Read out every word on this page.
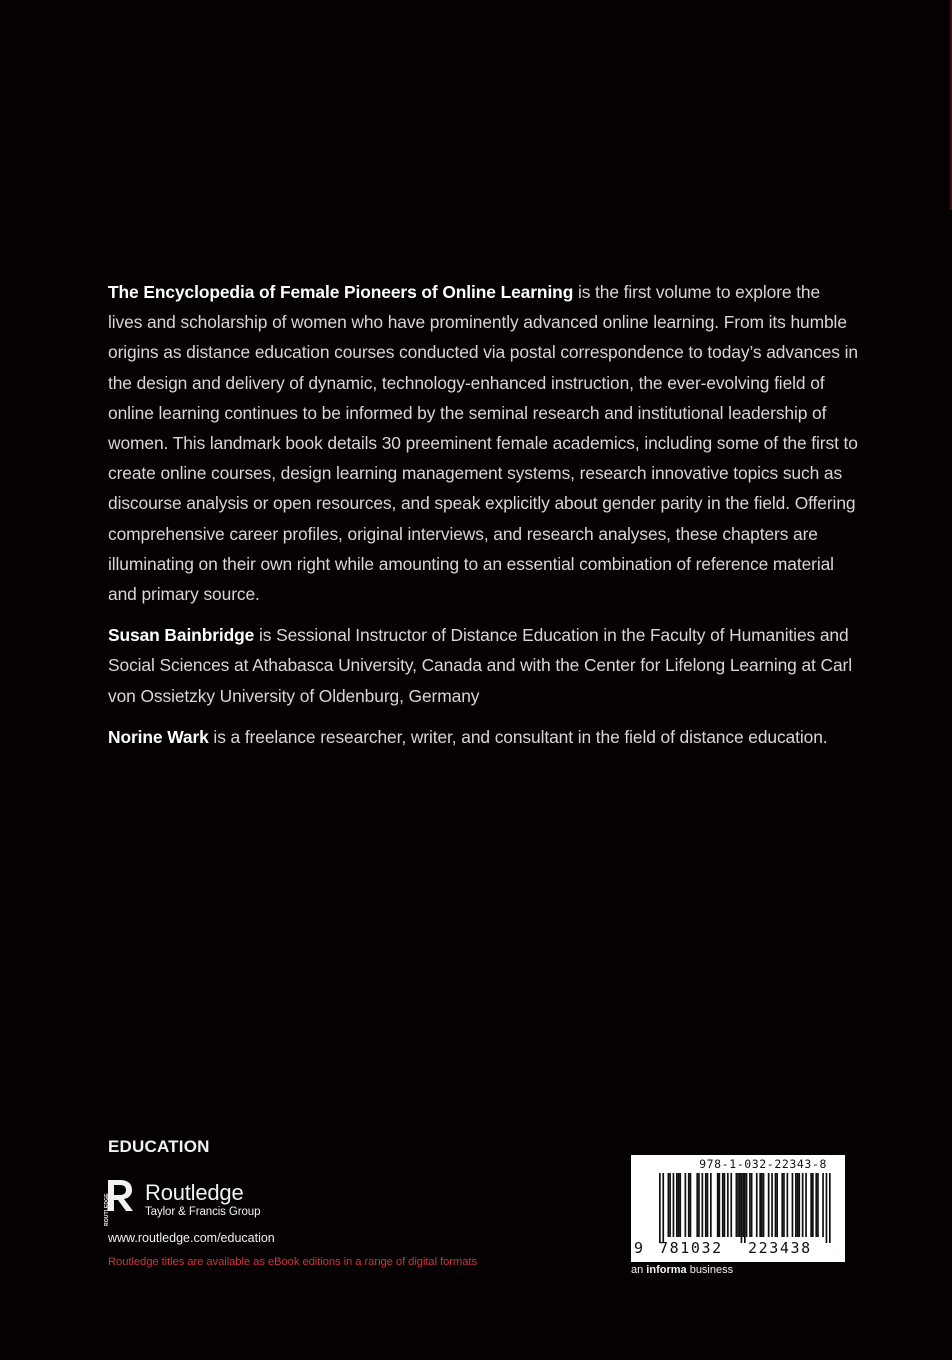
The Encyclopedia of Female Pioneers of Online Learning is the first volume to explore the lives and scholarship of women who have prominently advanced online learning. From its humble origins as distance education courses conducted via postal correspondence to today’s advances in the design and delivery of dynamic, technology-enhanced instruction, the ever-evolving field of online learning continues to be informed by the seminal research and institutional leadership of women. This landmark book details 30 preeminent female academics, including some of the first to create online courses, design learning management systems, research innovative topics such as discourse analysis or open resources, and speak explicitly about gender parity in the field. Offering comprehensive career profiles, original interviews, and research analyses, these chapters are illuminating on their own right while amounting to an essential combination of reference material and primary source.

Susan Bainbridge is Sessional Instructor of Distance Education in the Faculty of Humanities and Social Sciences at Athabasca University, Canada and with the Center for Lifelong Learning at Carl von Ossietzky University of Oldenburg, Germany

Norine Wark is a freelance researcher, writer, and consultant in the field of distance education.

EDUCATION
ROUTLEDGE
Routledge
Taylor & Francis Group
www.routledge.com/education
Routledge titles are available as eBook editions in a range of digital formats
978-1-032-22343-8
9 781032 223438
an informa business
